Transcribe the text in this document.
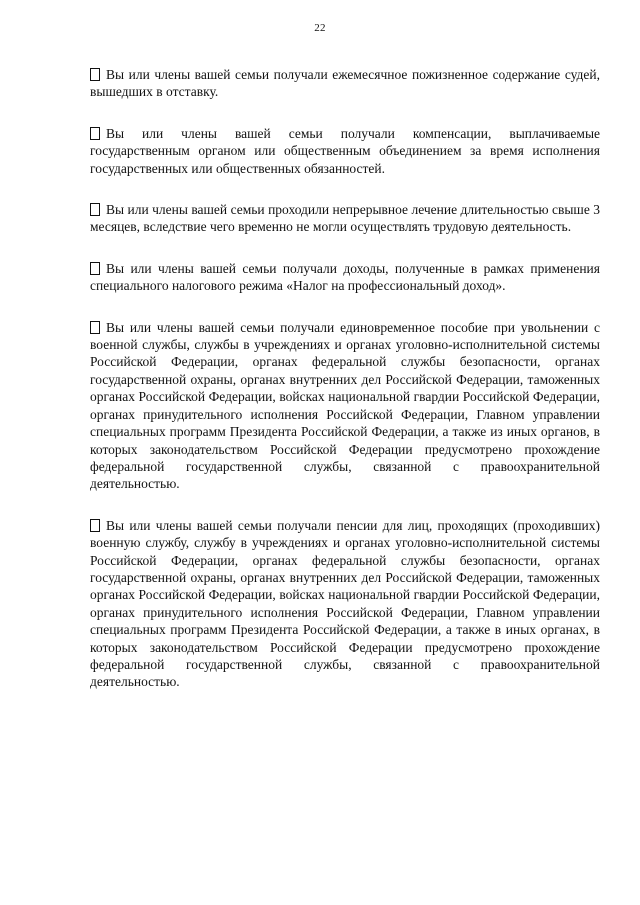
22
Вы или члены вашей семьи получали ежемесячное пожизненное содержание судей, вышедших в отставку.
Вы или члены вашей семьи получали компенсации, выплачиваемые государственным органом или общественным объединением за время исполнения государственных или общественных обязанностей.
Вы или члены вашей семьи проходили непрерывное лечение длительностью свыше 3 месяцев, вследствие чего временно не могли осуществлять трудовую деятельность.
Вы или члены вашей семьи получали доходы, полученные в рамках применения специального налогового режима «Налог на профессиональный доход».
Вы или члены вашей семьи получали единовременное пособие при увольнении с военной службы, службы в учреждениях и органах уголовно-исполнительной системы Российской Федерации, органах федеральной службы безопасности, органах государственной охраны, органах внутренних дел Российской Федерации, таможенных органах Российской Федерации, войсках национальной гвардии Российской Федерации, органах принудительного исполнения Российской Федерации, Главном управлении специальных программ Президента Российской Федерации, а также из иных органов, в которых законодательством Российской Федерации предусмотрено прохождение федеральной государственной службы, связанной с правоохранительной деятельностью.
Вы или члены вашей семьи получали пенсии для лиц, проходящих (проходивших) военную службу, службу в учреждениях и органах уголовно-исполнительной системы Российской Федерации, органах федеральной службы безопасности, органах государственной охраны, органах внутренних дел Российской Федерации, таможенных органах Российской Федерации, войсках национальной гвардии Российской Федерации, органах принудительного исполнения Российской Федерации, Главном управлении специальных программ Президента Российской Федерации, а также в иных органах, в которых законодательством Российской Федерации предусмотрено прохождение федеральной государственной службы, связанной с правоохранительной деятельностью.
